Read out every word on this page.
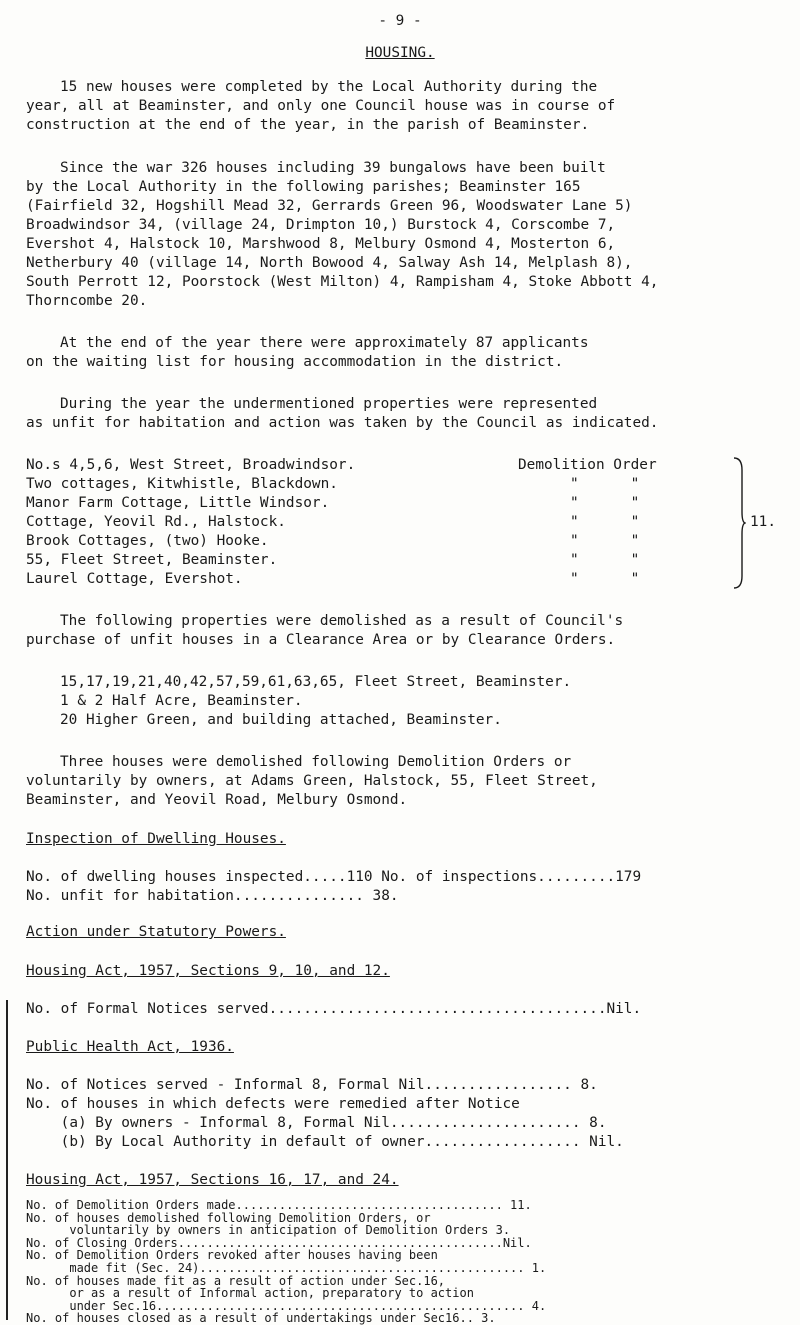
- 9 -
HOUSING.
15 new houses were completed by the Local Authority during the
year, all at Beaminster, and only one Council house was in course of
construction at the end of the year, in the parish of Beaminster.
Since the war 326 houses including 39 bungalows have been built
by the Local Authority in the following parishes; Beaminster 165
(Fairfield 32, Hogshill Mead 32, Gerrards Green 96, Woodswater Lane 5)
Broadwindsor 34, (village 24, Drimpton 10,) Burstock 4, Corscombe 7,
Evershot 4, Halstock 10, Marshwood 8, Melbury Osmond 4, Mosterton 6,
Netherbury 40 (village 14, North Bowood 4, Salway Ash 14, Melplash 8),
South Perrott 12, Poorstock (West Milton) 4, Rampisham 4, Stoke Abbott 4,
Thorncombe 20.
At the end of the year there were approximately 87 applicants
on the waiting list for housing accommodation in the district.
During the year the undermentioned properties were represented
as unfit for habitation and action was taken by the Council as indicated.
No.s 4,5,6, West Street, Broadwindsor.	Demolition Order
Two cottages, Kitwhistle, Blackdown.	"      "
Manor Farm Cottage, Little Windsor.	"      "
Cottage, Yeovil Rd., Halstock.	"      "
Brook Cottages, (two) Hooke.	"      "
55, Fleet Street, Beaminster.	"      "
Laurel Cottage, Evershot.	"      "
11.
The following properties were demolished as a result of Council's
purchase of unfit houses in a Clearance Area or by Clearance Orders.
15,17,19,21,40,42,57,59,61,63,65, Fleet Street, Beaminster.
1 & 2 Half Acre, Beaminster.
20 Higher Green, and building attached, Beaminster.
Three houses were demolished following Demolition Orders or
voluntarily by owners, at Adams Green, Halstock, 55, Fleet Street,
Beaminster, and Yeovil Road, Melbury Osmond.
Inspection of Dwelling Houses.
No. of dwelling houses inspected.....110 No. of inspections.........179
No. unfit for habitation............... 38.
Action under Statutory Powers.
Housing Act, 1957, Sections 9, 10, and 12.
No. of Formal Notices served.......................................Nil.
Public Health Act, 1936.
No. of Notices served - Informal 8, Formal Nil................. 8.
No. of houses in which defects were remedied after Notice
(a) By owners - Informal 8, Formal Nil...................... 8.
(b) By Local Authority in default of owner.................. Nil.
Housing Act, 1957, Sections 16, 17, and 24.
No. of Demolition Orders made..................................... 11.
No. of houses demolished following Demolition Orders, or
voluntarily by owners in anticipation of Demolition Orders 3.
No. of Closing Orders.............................................Nil.
No. of Demolition Orders revoked after houses having been
made fit (Sec. 24)............................................. 1.
No. of houses made fit as a result of action under Sec.16,
or as a result of Informal action, preparatory to action
under Sec.16................................................... 4.
No. of houses closed as a result of undertakings under Sec16.. 3.
